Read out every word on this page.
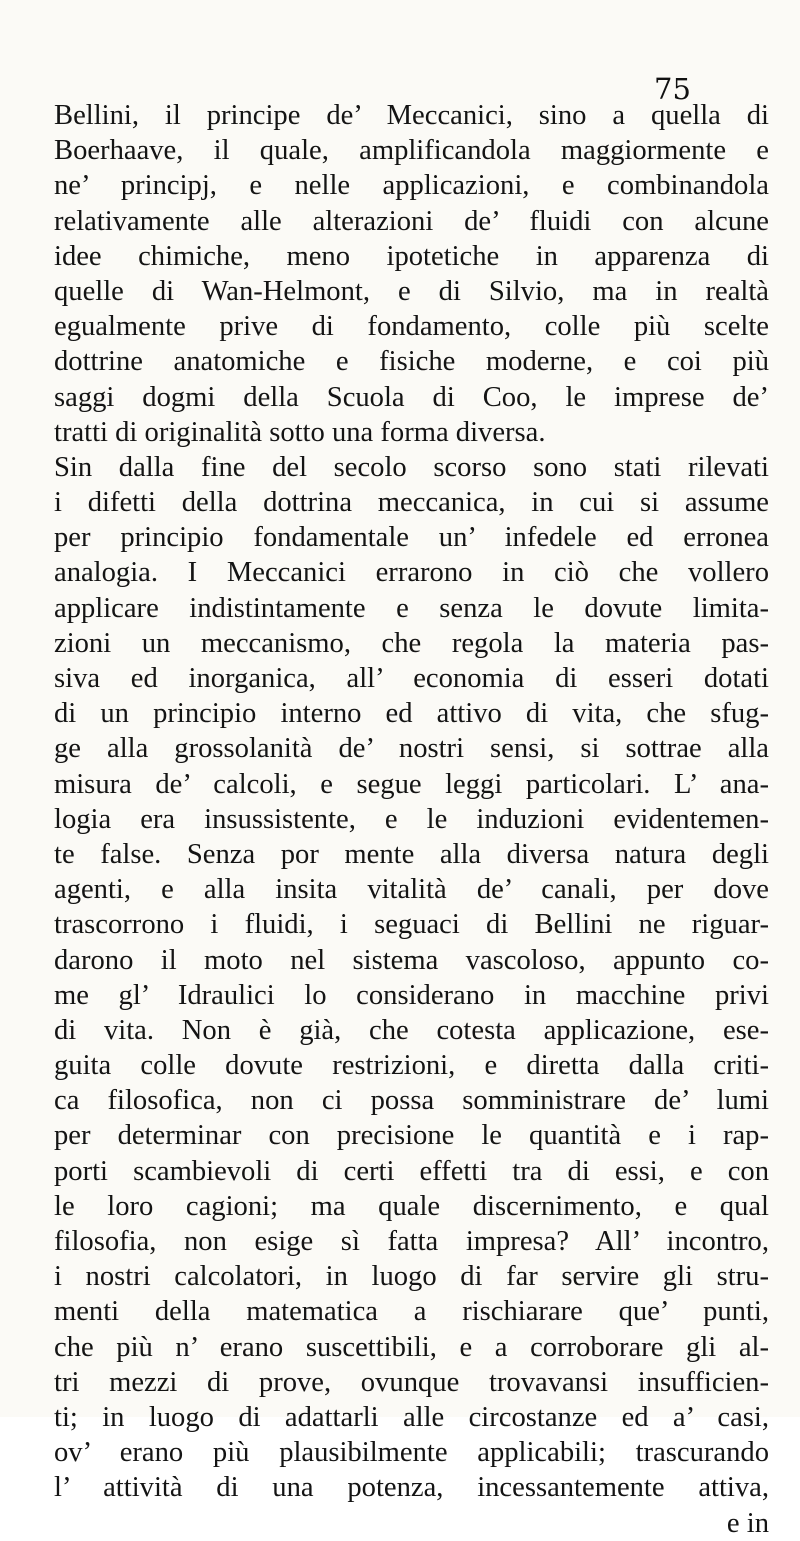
75
Bellini, il principe de’ Meccanici, sino a quella di
Boerhaave, il quale, amplificandola maggiormente e
ne’ principj, e nelle applicazioni, e combinandola
relativamente alle alterazioni de’ fluidi con alcune
idee chimiche, meno ipotetiche in apparenza di
quelle di Wan-Helmont, e di Silvio, ma in realtà
egualmente prive di fondamento, colle più scelte
dottrine anatomiche e fisiche moderne, e coi più
saggi dogmi della Scuola di Coo, le imprese de’
tratti di originalità sotto una forma diversa.
Sin dalla fine del secolo scorso sono stati rilevati
i difetti della dottrina meccanica, in cui si assume
per principio fondamentale un’ infedele ed erronea
analogia. I Meccanici errarono in ciò che vollero
applicare indistintamente e senza le dovute limita-
zioni un meccanismo, che regola la materia pas-
siva ed inorganica, all’ economia di esseri dotati
di un principio interno ed attivo di vita, che sfug-
ge alla grossolanità de’ nostri sensi, si sottrae alla
misura de’ calcoli, e segue leggi particolari. L’ ana-
logia era insussistente, e le induzioni evidentemen-
te false. Senza por mente alla diversa natura degli
agenti, e alla insita vitalità de’ canali, per dove
trascorrono i fluidi, i seguaci di Bellini ne riguar-
darono il moto nel sistema vascoloso, appunto co-
me gl’ Idraulici lo considerano in macchine privi
di vita. Non è già, che cotesta applicazione, ese-
guita colle dovute restrizioni, e diretta dalla criti-
ca filosofica, non ci possa somministrare de’ lumi
per determinar con precisione le quantità e i rap-
porti scambievoli di certi effetti tra di essi, e con
le loro cagioni; ma quale discernimento, e qual
filosofia, non esige sì fatta impresa? All’ incontro,
i nostri calcolatori, in luogo di far servire gli stru-
menti della matematica a rischiarare que’ punti,
che più n’ erano suscettibili, e a corroborare gli al-
tri mezzi di prove, ovunque trovavansi insufficien-
ti; in luogo di adattarli alle circostanze ed a’ casi,
ov’ erano più plausibilmente applicabili; trascurando
l’ attività di una potenza, incessantemente attiva,
e in
